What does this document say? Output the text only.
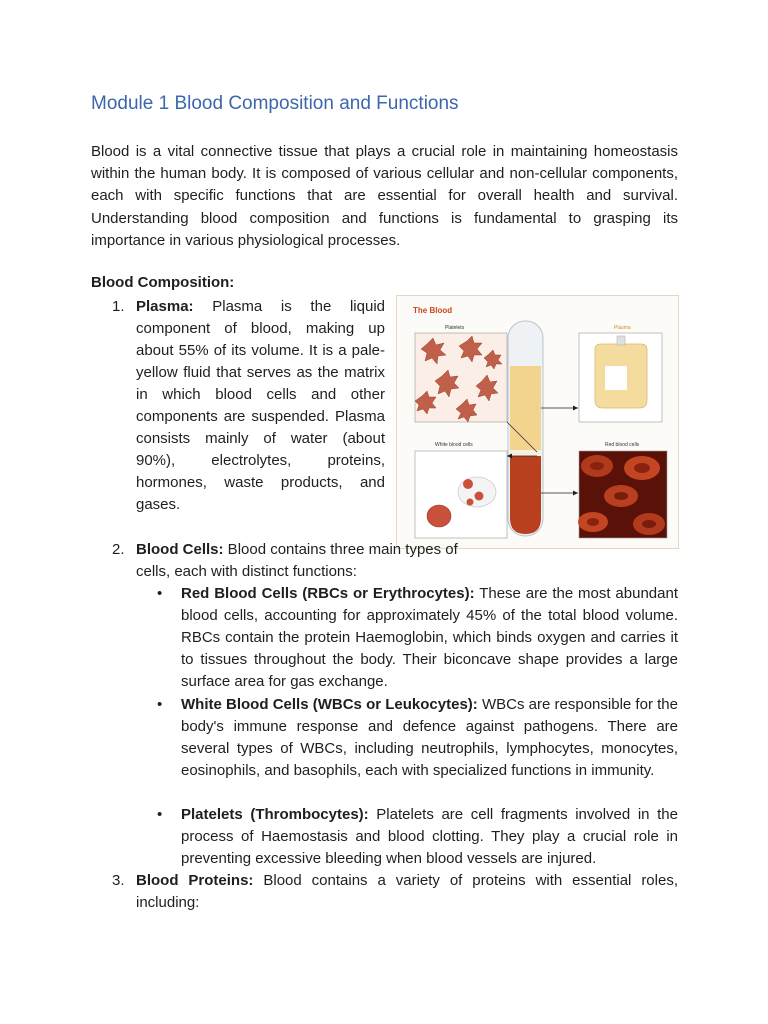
Module 1 Blood Composition and Functions

Blood is a vital connective tissue that plays a crucial role in maintaining homeostasis within the human body. It is composed of various cellular and non-cellular components, each with specific functions that are essential for overall health and survival. Understanding blood composition and functions is fundamental to grasping its importance in various physiological processes.

Blood Composition:

1. Plasma: Plasma is the liquid component of blood, making up about 55% of its volume. It is a pale-yellow fluid that serves as the matrix in which blood cells and other components are suspended. Plasma consists mainly of water (about 90%), electrolytes, proteins, hormones, waste products, and gases.

The Blood
Platelets	Plasma
White blood cells	Red blood cells
2. Blood Cells: Blood contains three main types of cells, each with distinct functions:

• Red Blood Cells (RBCs or Erythrocytes): These are the most abundant blood cells, accounting for approximately 45% of the total blood volume. RBCs contain the protein Haemoglobin, which binds oxygen and carries it to tissues throughout the body. Their biconcave shape provides a large surface area for gas exchange.

• White Blood Cells (WBCs or Leukocytes): WBCs are responsible for the body's immune response and defence against pathogens. There are several types of WBCs, including neutrophils, lymphocytes, monocytes, eosinophils, and basophils, each with specialized functions in immunity.

• Platelets (Thrombocytes): Platelets are cell fragments involved in the process of Haemostasis and blood clotting. They play a crucial role in preventing excessive bleeding when blood vessels are injured.

3. Blood Proteins: Blood contains a variety of proteins with essential roles, including:
